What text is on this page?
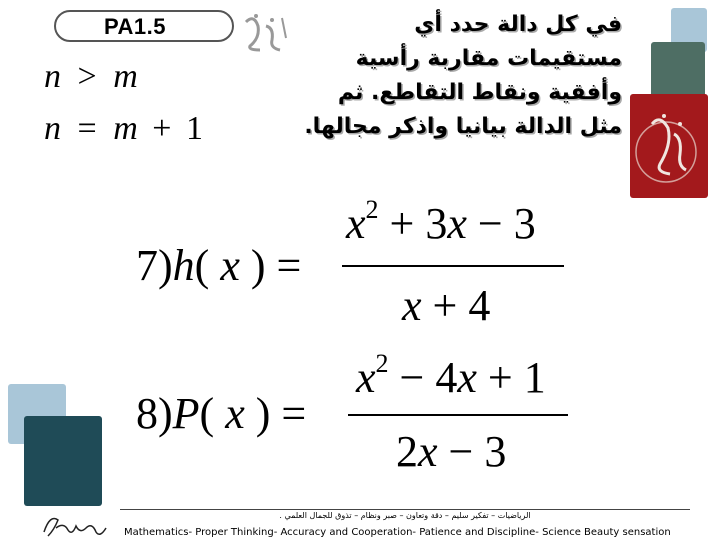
PA1.5	في كل دالة حدد أي مستقيمات مقاربة رأسية وأفقية ونقاط التقاطع. ثم مثل الدالة بيانيا واذكر مجالها.
n > m
n = m + 1
7)h( x ) =
$x^2 + 3x - 3$
x + 4
8)P( x ) =
$x^2 - 4x + 1$
2x − 3
الرياضيات – تفكير سليم – دقة وتعاون – صبر ونظام – تذوق للجمال العلمي .
Mathematics- Proper Thinking- Accuracy and Cooperation- Patience and Discipline- Science Beauty sensation
